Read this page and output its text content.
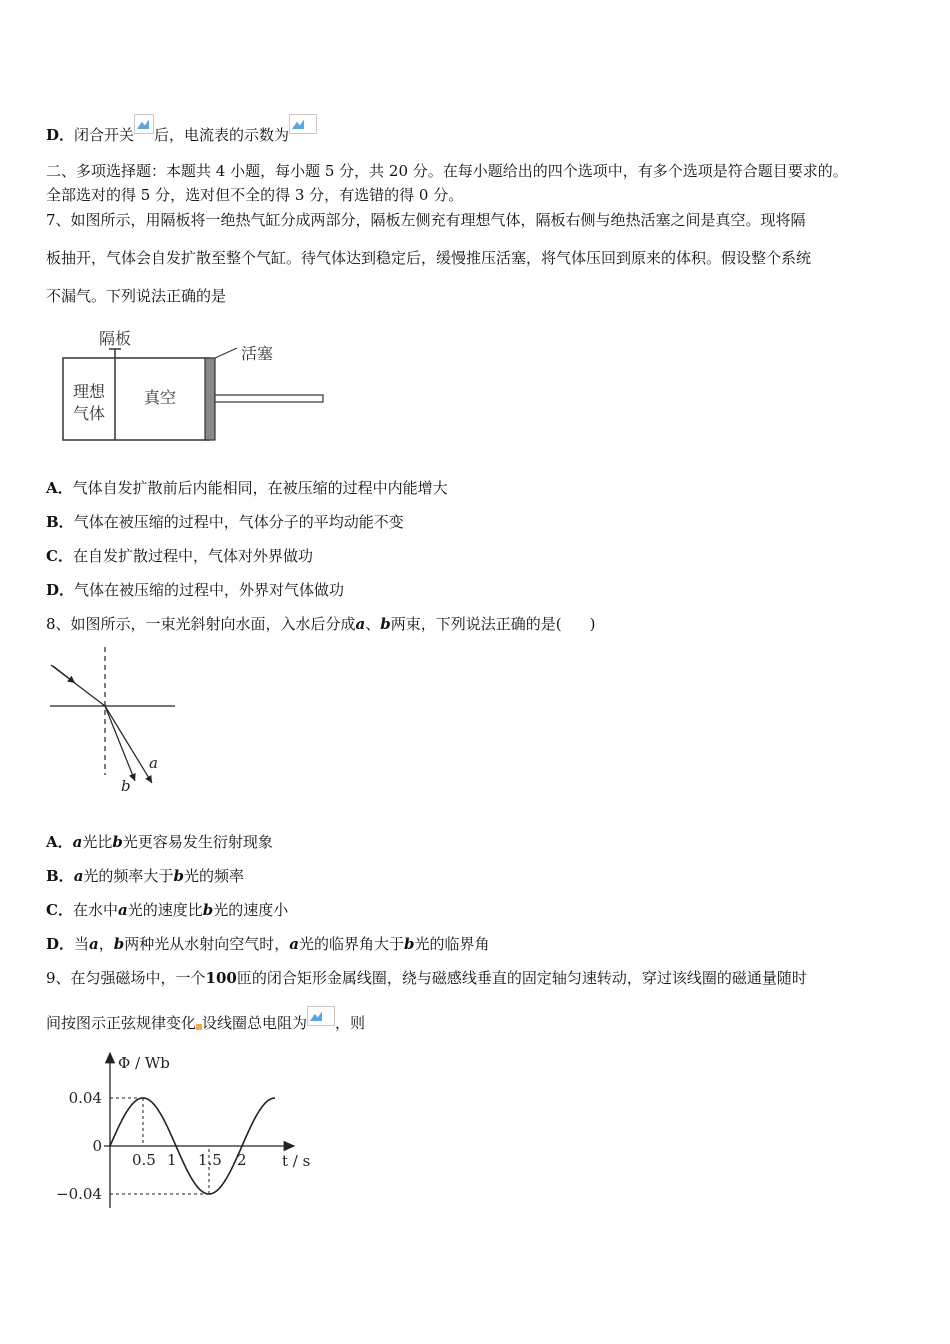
D．闭合开关 后，电流表的示数为
二、多项选择题：本题共 4 小题，每小题 5 分，共 20 分。在每小题给出的四个选项中，有多个选项是符合题目要求的。
全部选对的得 5 分，选对但不全的得 3 分，有选错的得 0 分。
7、如图所示，用隔板将一绝热气缸分成两部分，隔板左侧充有理想气体，隔板右侧与绝热活塞之间是真空。现将隔
板抽开，气体会自发扩散至整个气缸。待气体达到稳定后，缓慢推压活塞，将气体压回到原来的体积。假设整个系统
不漏气。下列说法正确的是
隔板
活塞
理想
气体
真空
A．气体自发扩散前后内能相同，在被压缩的过程中内能增大
B．气体在被压缩的过程中，气体分子的平均动能不变
C．在自发扩散过程中，气体对外界做功
D．气体在被压缩的过程中，外界对气体做功
8、如图所示，一束光斜射向水面，入水后分成a、b两束，下列说法正确的是( )
a
b
A．a光比b光更容易发生衍射现象
B．a光的频率大于b光的频率
C．在水中a光的速度比b光的速度小
D．当a，b两种光从水射向空气时，a光的临界角大于b光的临界角
9、在匀强磁场中，一个100匝的闭合矩形金属线圈，绕与磁感线垂直的固定轴匀速转动，穿过该线圈的磁通量随时
间按图示正弦规律变化 设线圈总电阻为 ，则
Φ / Wb
t / s
0.5 1 1.5 2
0.04
0
−0.04
